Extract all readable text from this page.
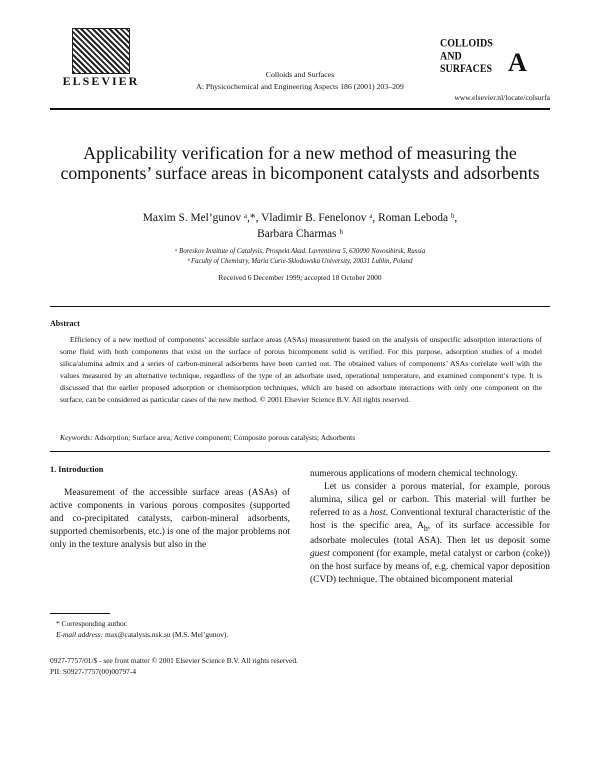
ELSEVIER	Colloids and Surfaces
A: Physicochemical and Engineering Aspects 186 (2001) 203–209
COLLOIDS
AND
SURFACES A
www.elsevier.nl/locate/colsurfa
Applicability verification for a new method of measuring the components’ surface areas in bicomponent catalysts and adsorbents
Maxim S. Mel’gunov ᵃ,*, Vladimir B. Fenelonov ᵃ, Roman Leboda ᵇ,
Barbara Charmas ᵇ
ᵃ Boreskov Institute of Catalysis, Prospekt Akad. Lavrentieva 5, 630090 Novosibirsk, Russia
ᵇ Faculty of Chemistry, Maria Curie-Sklodowska University, 20031 Lublin, Poland
Received 6 December 1999; accepted 18 October 2000
Abstract
Efficiency of a new method of components’ accessible surface areas (ASAs) measurement based on the analysis of unspecific adsorption interactions of some fluid with both components that exist on the surface of porous bicomponent solid is verified. For this purpose, adsorption studies of a model silica/alumina admix and a series of carbon-mineral adsorbents have been carried out. The obtained values of components’ ASAs correlate well with the values measured by an alternative technique, regardless of the type of an adsorbate used, operational temperature, and examined component’s type. It is discussed that the earlier proposed adsorption or chemisorption techniques, which are based on adsorbate interactions with only one component on the surface, can be considered as particular cases of the new method. © 2001 Elsevier Science B.V. All rights reserved.
Keywords: Adsorption; Surface area; Active component; Composite porous catalysts; Adsorbents
1. Introduction
Measurement of the accessible surface areas (ASAs) of active components in various porous composites (supported and co-precipitated catalysts, carbon-mineral adsorbents, supported chemisorbents, etc.) is one of the major problems not only in the texture analysis but also in the

numerous applications of modern chemical technology.

Let us consider a porous material, for example, porous alumina, silica gel or carbon. This material will further be referred to as a host. Conventional textural characteristic of the host is the specific area, $A_h$, of its surface accessible for adsorbate molecules (total ASA). Then let us deposit some guest component (for example, metal catalyst or carbon (coke)) on the host surface by means of, e.g. chemical vapor deposition (CVD) technique. The obtained bicomponent material

* Corresponding author.
E-mail address: max@catalysis.nsk.su (M.S. Mel’gunov).
0927-7757/01/$ - see front matter © 2001 Elsevier Science B.V. All rights reserved.
PII: S0927-7757(00)00797-4
